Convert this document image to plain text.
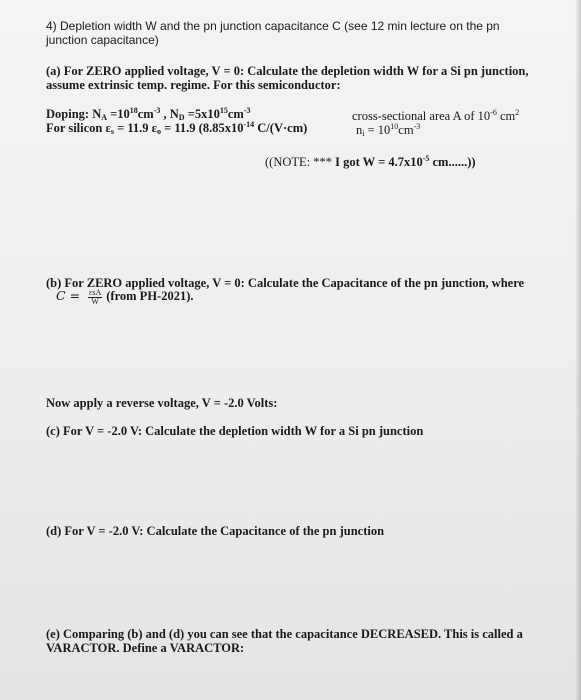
4) Depletion width W and the pn junction capacitance C (see 12 min lecture on the pn
junction capacitance)
(a) For ZERO applied voltage, V = 0: Calculate the depletion width W for a Si pn junction,
assume extrinsic temp. regime. For this semiconductor:
Doping: $N_A =10^{18}cm^{-3}$ , $N_D =5x10^{15}cm^{-3}$	cross-sectional area A of $10^{-6}$ $cm^2$
For silicon $\varepsilon_s = 11.9$ $\varepsilon_o = 11.9$ ($8.85x10^{-14}$ C/(V·cm)	$n_i = 10^{10}cm^{-3}$
((NOTE: *** I got $W = 4.7x10^{-5}$ cm......))
(b) For ZERO applied voltage, V = 0: Calculate the Capacitance of the pn junction, where
$C = \frac{\text{εsA}}{W}$ (from PH-2021).
Now apply a reverse voltage, V = -2.0 Volts:
(c) For V = -2.0 V: Calculate the depletion width W for a Si pn junction
(d) For V = -2.0 V: Calculate the Capacitance of the pn junction
(e) Comparing (b) and (d) you can see that the capacitance DECREASED. This is called a
VARACTOR. Define a VARACTOR:
